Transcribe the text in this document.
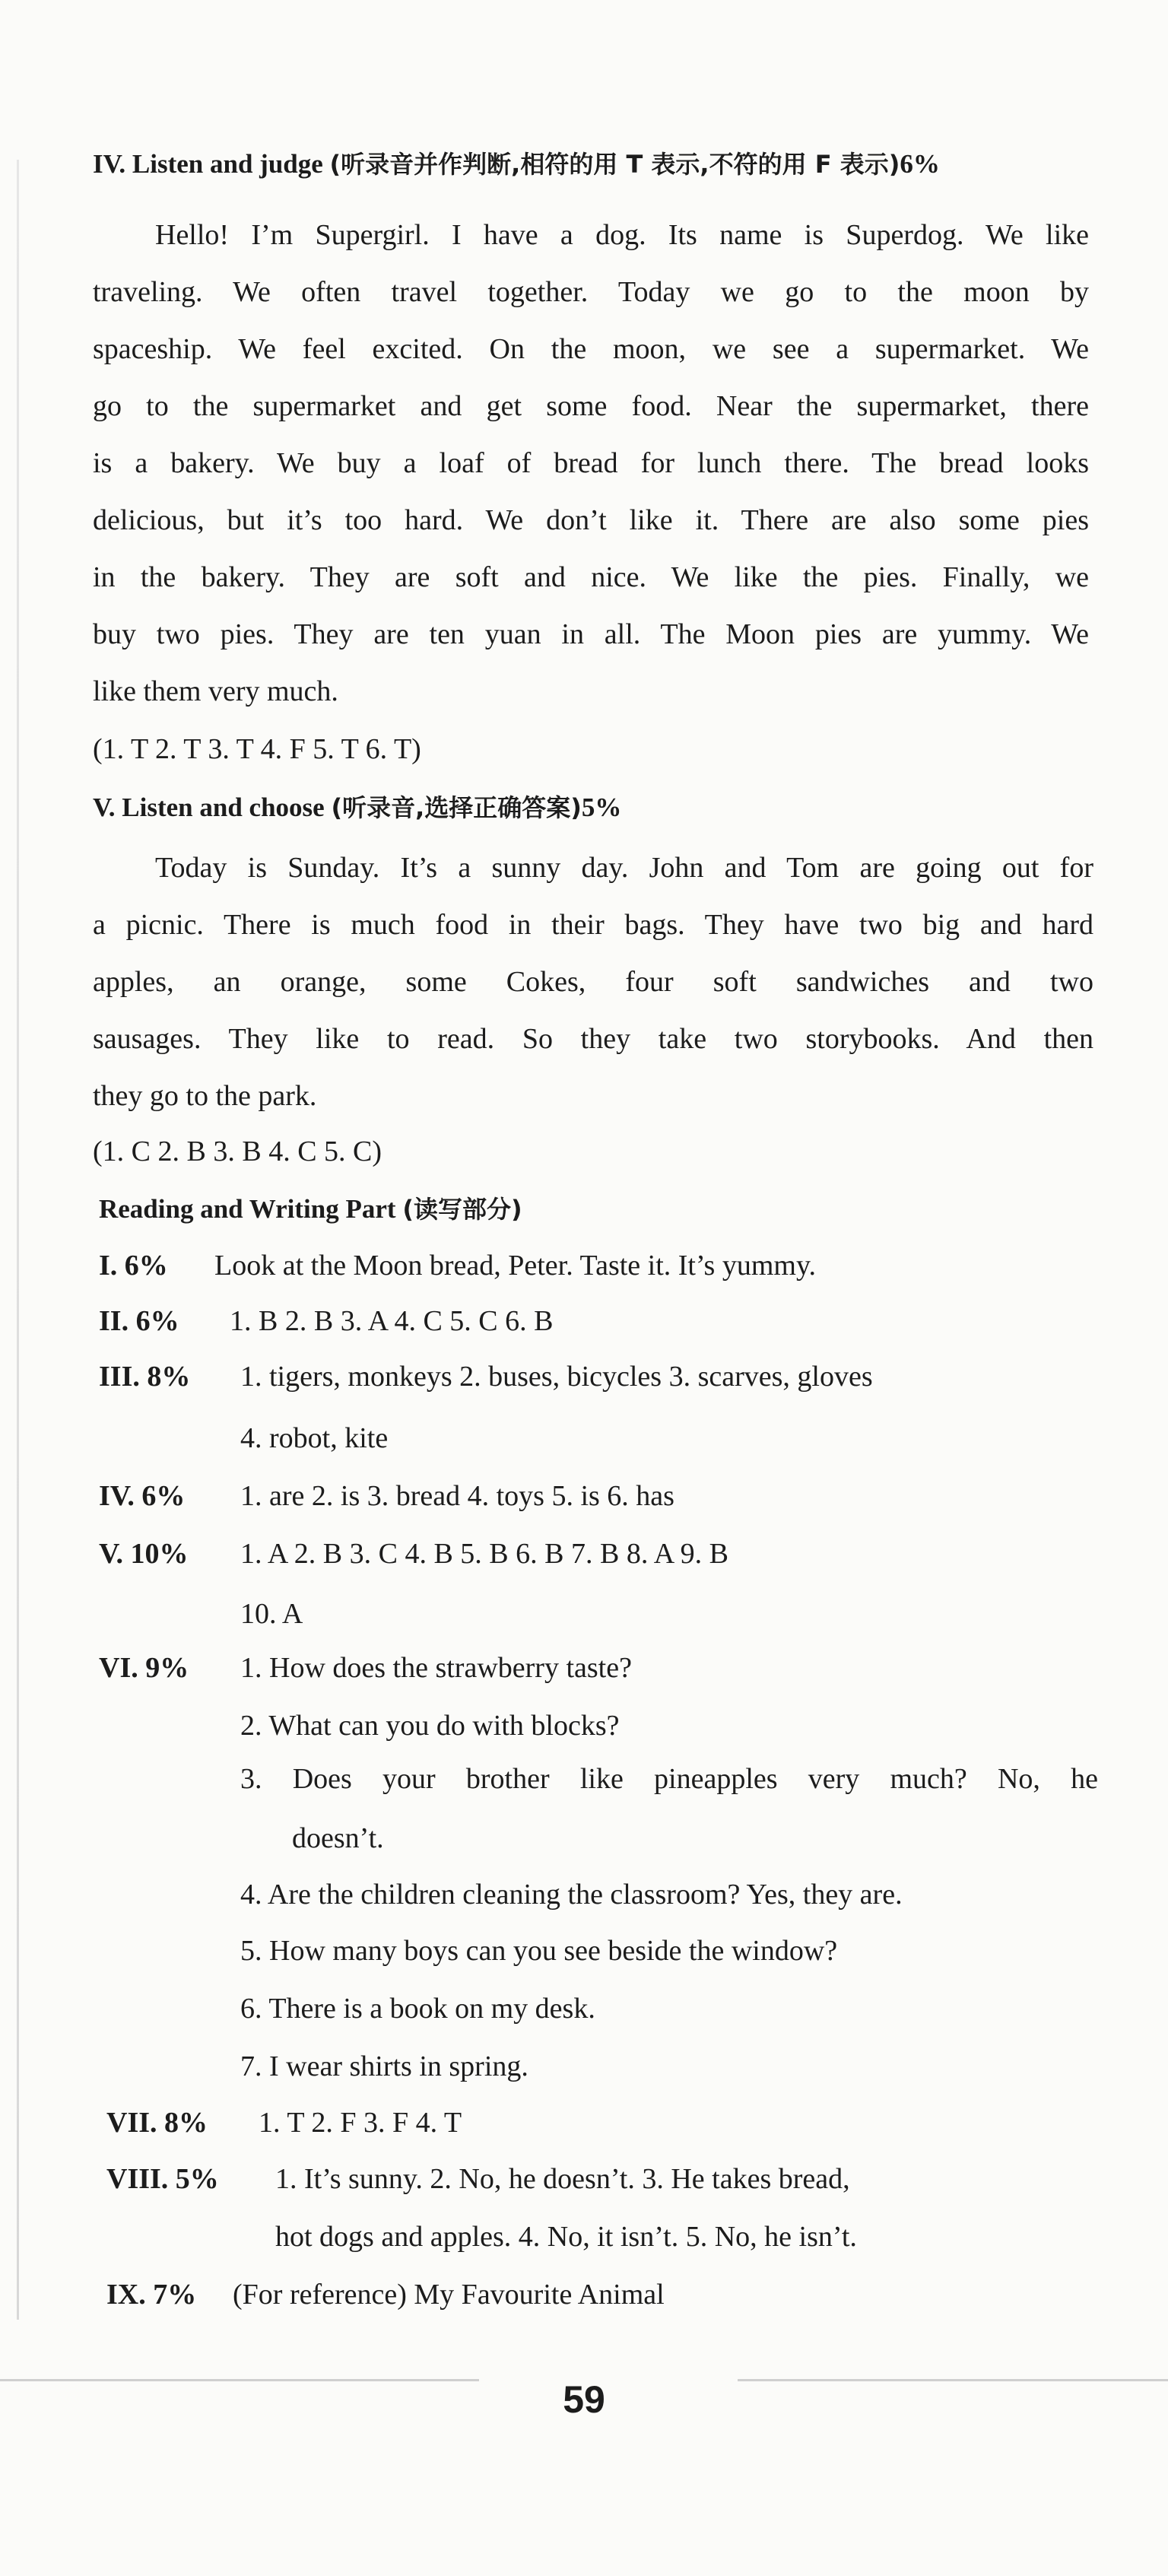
IV. Listen and judge (听录音并作判断,相符的用 T 表示,不符的用 F 表示)6%
Hello! I’m Supergirl. I have a dog. Its name is Superdog. We like
traveling. We often travel together. Today we go to the moon by
spaceship. We feel excited. On the moon, we see a supermarket. We
go to the supermarket and get some food. Near the supermarket, there
is a bakery. We buy a loaf of bread for lunch there. The bread looks
delicious, but it’s too hard. We don’t like it. There are also some pies
in the bakery. They are soft and nice. We like the pies. Finally, we
buy two pies. They are ten yuan in all. The Moon pies are yummy. We
like them very much.
(1. T 2. T 3. T 4. F 5. T 6. T)
V. Listen and choose (听录音,选择正确答案)5%
Today is Sunday. It’s a sunny day. John and Tom are going out for
a picnic. There is much food in their bags. They have two big and hard
apples, an orange, some Cokes, four soft sandwiches and two
sausages. They like to read. So they take two storybooks. And then
they go to the park.
(1. C 2. B 3. B 4. C 5. C)
Reading and Writing Part (读写部分)
I. 6% Look at the Moon bread, Peter. Taste it. It’s yummy.
II. 6% 1. B 2. B 3. A 4. C 5. C 6. B
III. 8% 1. tigers, monkeys 2. buses, bicycles 3. scarves, gloves
4. robot, kite
IV. 6% 1. are 2. is 3. bread 4. toys 5. is 6. has
V. 10% 1. A 2. B 3. C 4. B 5. B 6. B 7. B 8. A 9. B
10. A
VI. 9% 1. How does the strawberry taste?
2. What can you do with blocks?
3. Does your brother like pineapples very much? No, he
doesn’t.
4. Are the children cleaning the classroom? Yes, they are.
5. How many boys can you see beside the window?
6. There is a book on my desk.
7. I wear shirts in spring.
VII. 8% 1. T 2. F 3. F 4. T
VIII. 5% 1. It’s sunny. 2. No, he doesn’t. 3. He takes bread,
hot dogs and apples. 4. No, it isn’t. 5. No, he isn’t.
IX. 7% (For reference) My Favourite Animal
59
